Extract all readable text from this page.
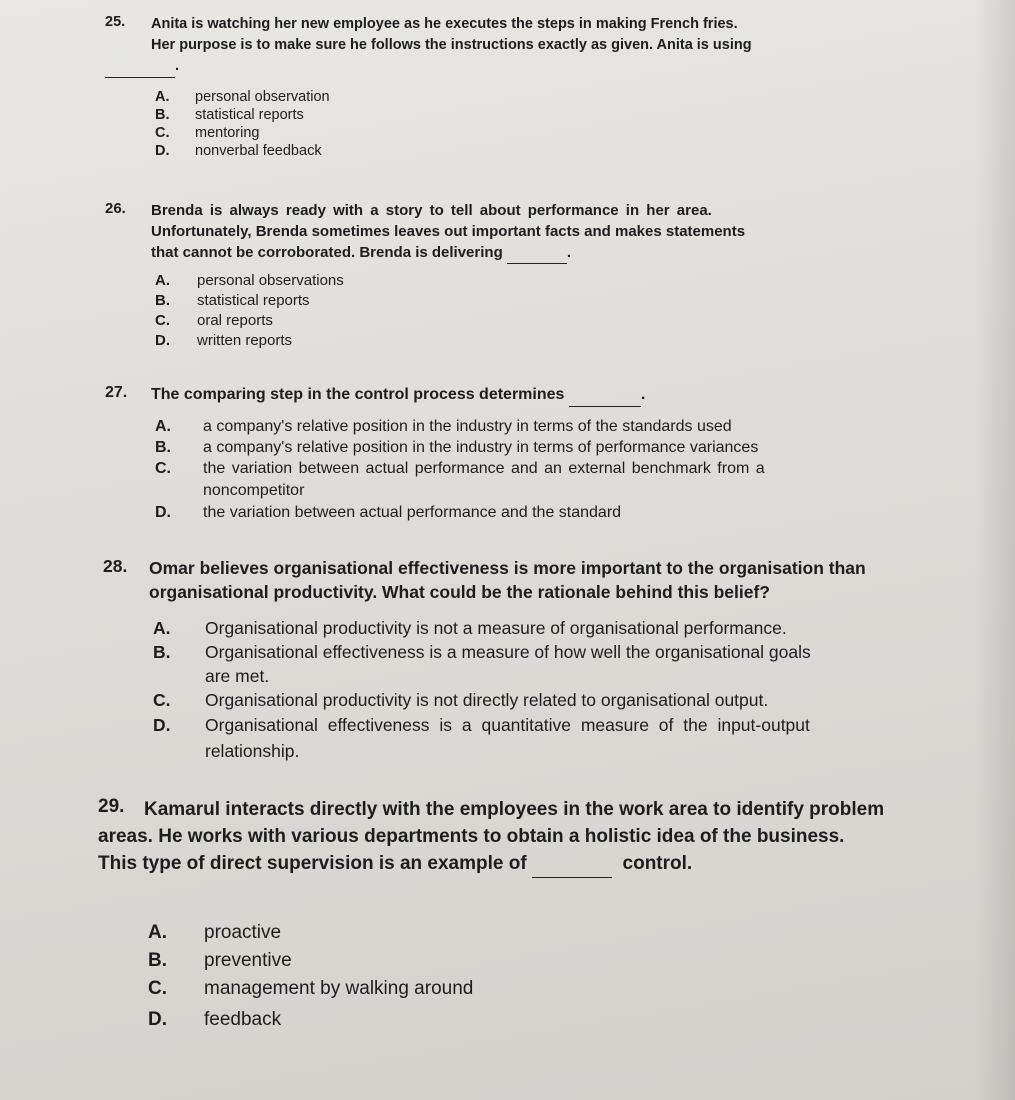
25. Anita is watching her new employee as he executes the steps in making French fries.
Her purpose is to make sure he follows the instructions exactly as given. Anita is using
.
A. personal observation
B. statistical reports
C. mentoring
D. nonverbal feedback
26. Brenda is always ready with a story to tell about performance in her area.
Unfortunately, Brenda sometimes leaves out important facts and makes statements
that cannot be corroborated. Brenda is delivering	.
A. personal observations
B. statistical reports
C. oral reports
D. written reports
27. The comparing step in the control process determines	.
A. a company's relative position in the industry in terms of the standards used
B. a company's relative position in the industry in terms of performance variances
C. the variation between actual performance and an external benchmark from a
noncompetitor
D. the variation between actual performance and the standard
28. Omar believes organisational effectiveness is more important to the organisation than
organisational productivity. What could be the rationale behind this belief?
A. Organisational productivity is not a measure of organisational performance.
B. Organisational effectiveness is a measure of how well the organisational goals
are met.
C. Organisational productivity is not directly related to organisational output.
D. Organisational effectiveness is a quantitative measure of the input-output
relationship.
29. Kamarul interacts directly with the employees in the work area to identify problem
areas. He works with various departments to obtain a holistic idea of the business.
This type of direct supervision is an example of	control.
A. proactive
B. preventive
C. management by walking around
D. feedback
